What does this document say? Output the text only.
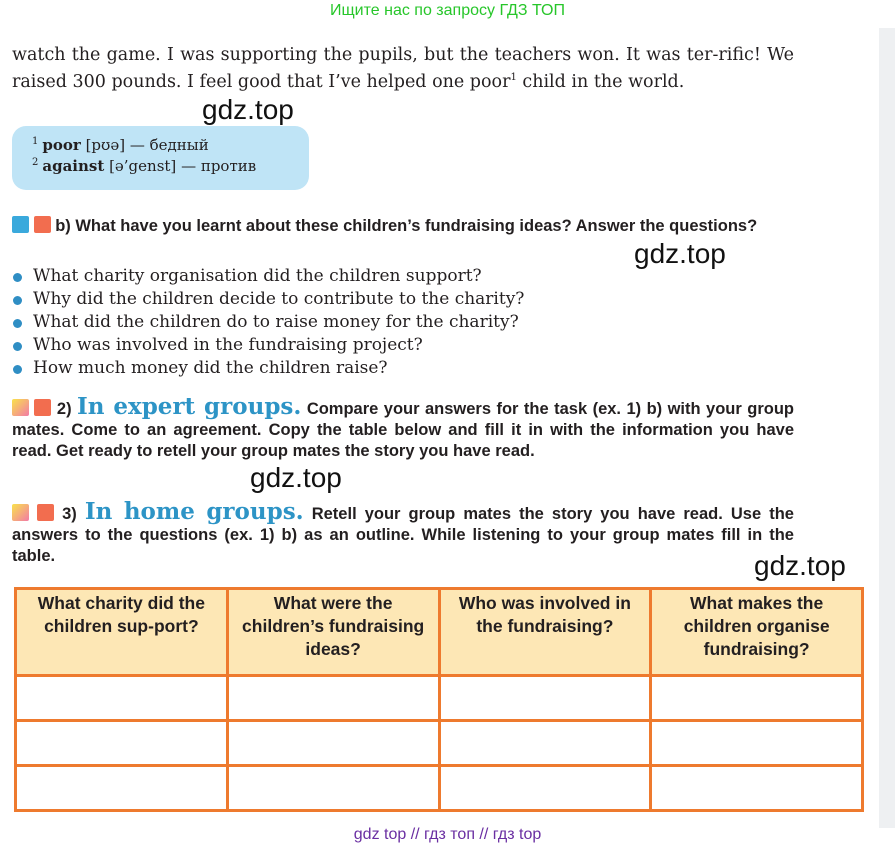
Ищите нас по запросу ГДЗ ТОП
watch the game. I was supporting the pupils, but the teachers won. It was ter-rific! We raised 300 pounds. I feel good that I’ve helped one poor$^1$ child in the world.
gdz.top
$^1$ poor [pʊə] — бедный
$^2$ against [ə’genst] — против
b) What have you learnt about these children’s fundraising ideas? Answer the questions?
gdz.top
What charity organisation did the children support?
Why did the children decide to contribute to the charity?
What did the children do to raise money for the charity?
Who was involved in the fundraising project?
How much money did the children raise?
2) In expert groups. Compare your answers for the task (ex. 1) b) with your group mates. Come to an agreement. Copy the table below and fill it in with the information you have read. Get ready to retell your group mates the story you have read.
gdz.top
3) In home groups. Retell your group mates the story you have read. Use the answers to the questions (ex. 1) b) as an outline. While listening to your group mates fill in the table.	gdz.top
What charity did the children sup-port?	What were the children’s fundraising ideas?	Who was involved in the fundraising?	What makes the children organise fundraising?

gdz top // гдз топ // гдз top
